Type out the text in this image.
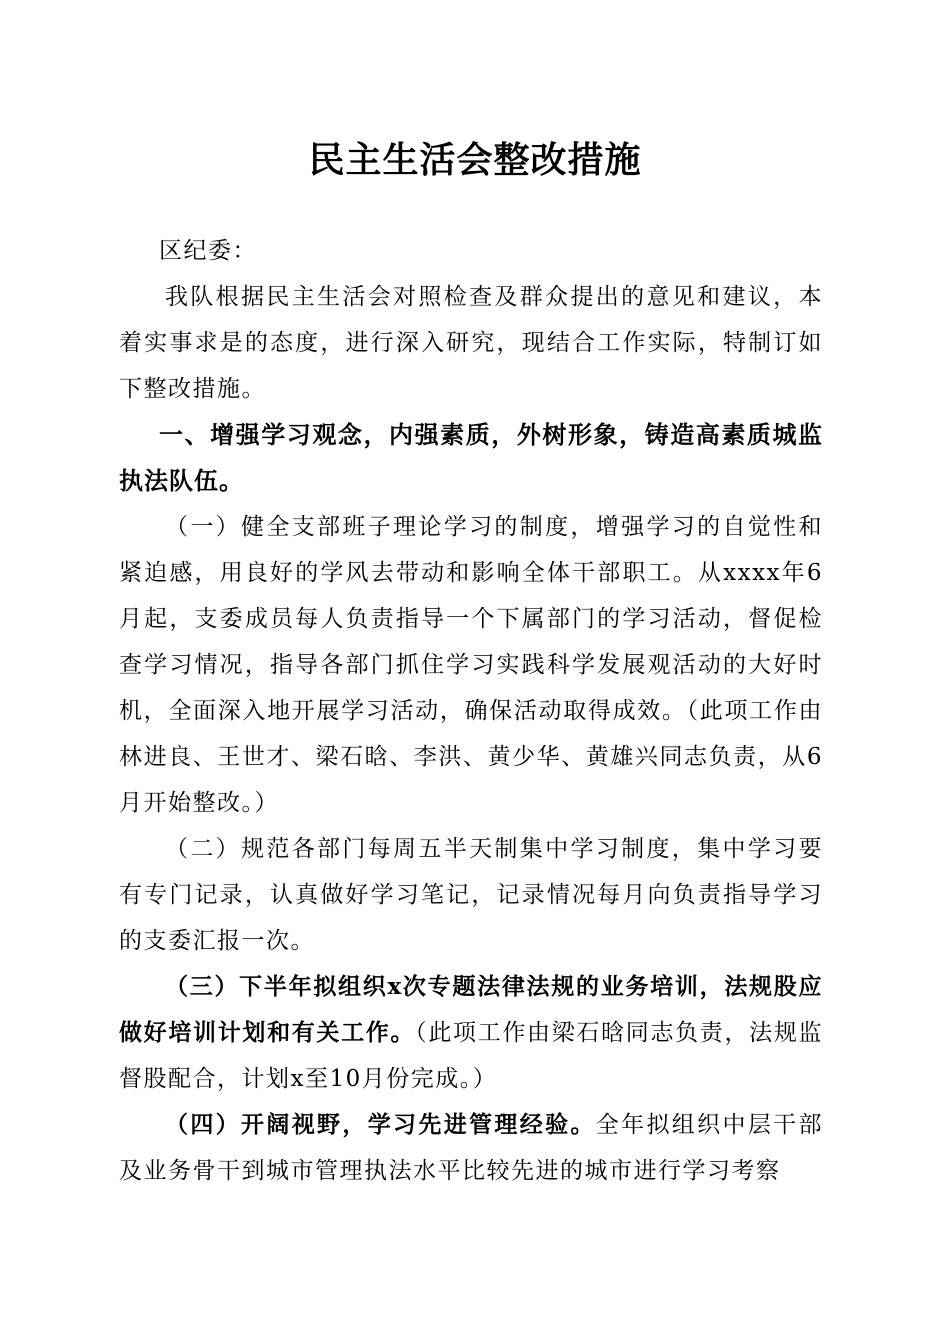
民主生活会整改措施

区纪委：

我队根据民主生活会对照检查及群众提出的意见和建议，本着实事求是的态度，进行深入研究，现结合工作实际，特制订如下整改措施。

一、增强学习观念，内强素质，外树形象，铸造高素质城监执法队伍。

（一）健全支部班子理论学习的制度，增强学习的自觉性和紧迫感，用良好的学风去带动和影响全体干部职工。从xxxx年6月起，支委成员每人负责指导一个下属部门的学习活动，督促检查学习情况，指导各部门抓住学习实践科学发展观活动的大好时机，全面深入地开展学习活动，确保活动取得成效。（此项工作由林进良、王世才、梁石晗、李洪、黄少华、黄雄兴同志负责，从6月开始整改。）

（二）规范各部门每周五半天制集中学习制度，集中学习要有专门记录，认真做好学习笔记，记录情况每月向负责指导学习的支委汇报一次。

（三）下半年拟组织x次专题法律法规的业务培训，法规股应做好培训计划和有关工作。（此项工作由梁石晗同志负责，法规监督股配合，计划x至10月份完成。）

（四）开阔视野，学习先进管理经验。全年拟组织中层干部及业务骨干到城市管理执法水平比较先进的城市进行学习考察
